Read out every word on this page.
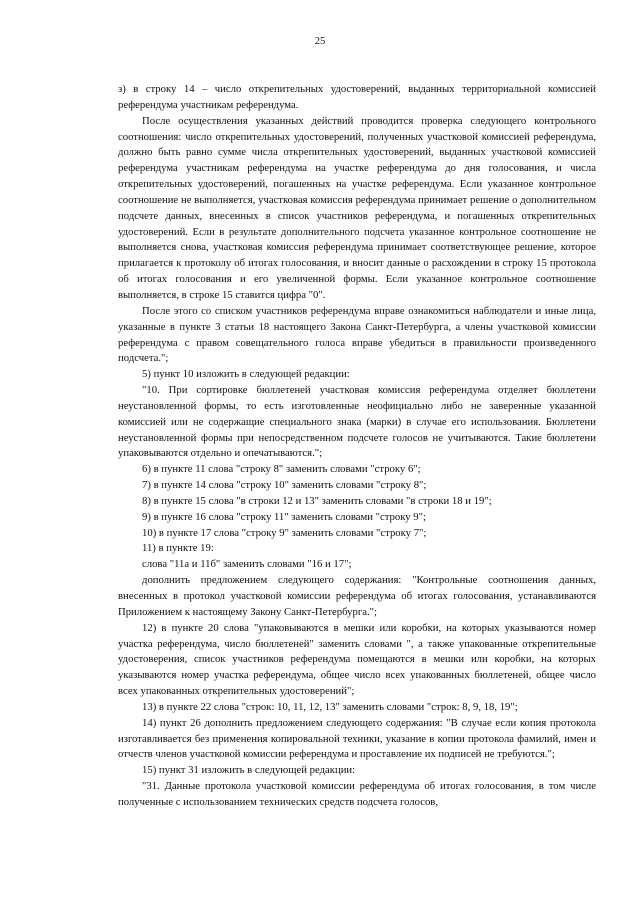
25

з) в строку 14 – число открепительных удостоверений, выданных территориальной комиссией референдума участникам референдума.

После осуществления указанных действий проводится проверка следующего контрольного соотношения: число открепительных удостоверений, полученных участковой комиссией референдума, должно быть равно сумме числа открепительных удостоверений, выданных участковой комиссией референдума участникам референдума на участке референдума до дня голосования, и числа открепительных удостоверений, погашенных на участке референдума. Если указанное контрольное соотношение не выполняется, участковая комиссия референдума принимает решение о дополнительном подсчете данных, внесенных в список участников референдума, и погашенных открепительных удостоверений. Если в результате дополнительного подсчета указанное контрольное соотношение не выполняется снова, участковая комиссия референдума принимает соответствующее решение, которое прилагается к протоколу об итогах голосования, и вносит данные о расхождении в строку 15 протокола об итогах голосования и его увеличенной формы. Если указанное контрольное соотношение выполняется, в строке 15 ставится цифра "0".

После этого со списком участников референдума вправе ознакомиться наблюдатели и иные лица, указанные в пункте 3 статьи 18 настоящего Закона Санкт-Петербурга, а члены участковой комиссии референдума с правом совещательного голоса вправе убедиться в правильности произведенного подсчета.";

5) пункт 10 изложить в следующей редакции:

"10. При сортировке бюллетеней участковая комиссия референдума отделяет бюллетени неустановленной формы, то есть изготовленные неофициально либо не заверенные указанной комиссией или не содержащие специального знака (марки) в случае его использования. Бюллетени неустановленной формы при непосредственном подсчете голосов не учитываются. Такие бюллетени упаковываются отдельно и опечатываются.";

6) в пункте 11 слова "строку 8" заменить словами "строку 6";

7) в пункте 14 слова "строку 10" заменить словами "строку 8";

8) в пункте 15 слова "в строки 12 и 13" заменить словами "в строки 18 и 19";

9) в пункте 16 слова "строку 11" заменить словами "строку 9";

10) в пункте 17 слова "строку 9" заменить словами "строку 7";

11) в пункте 19:

слова "11а и 11б" заменить словами "16 и 17";

дополнить предложением следующего содержания: "Контрольные соотношения данных, внесенных в протокол участковой комиссии референдума об итогах голосования, устанавливаются Приложением к настоящему Закону Санкт-Петербурга.";

12) в пункте 20 слова "упаковываются в мешки или коробки, на которых указываются номер участка референдума, число бюллетеней" заменить словами ", а также упакованные открепительные удостоверения, список участников референдума помещаются в мешки или коробки, на которых указываются номер участка референдума, общее число всех упакованных бюллетеней, общее число всех упакованных открепительных удостоверений";

13) в пункте 22 слова "строк: 10, 11, 12, 13" заменить словами "строк: 8, 9, 18, 19";

14) пункт 26 дополнить предложением следующего содержания: "В случае если копия протокола изготавливается без применения копировальной техники, указание в копии протокола фамилий, имен и отчеств членов участковой комиссии референдума и проставление их подписей не требуются.";

15) пункт 31 изложить в следующей редакции:

"31. Данные протокола участковой комиссии референдума об итогах голосования, в том числе полученные с использованием технических средств подсчета голосов,
